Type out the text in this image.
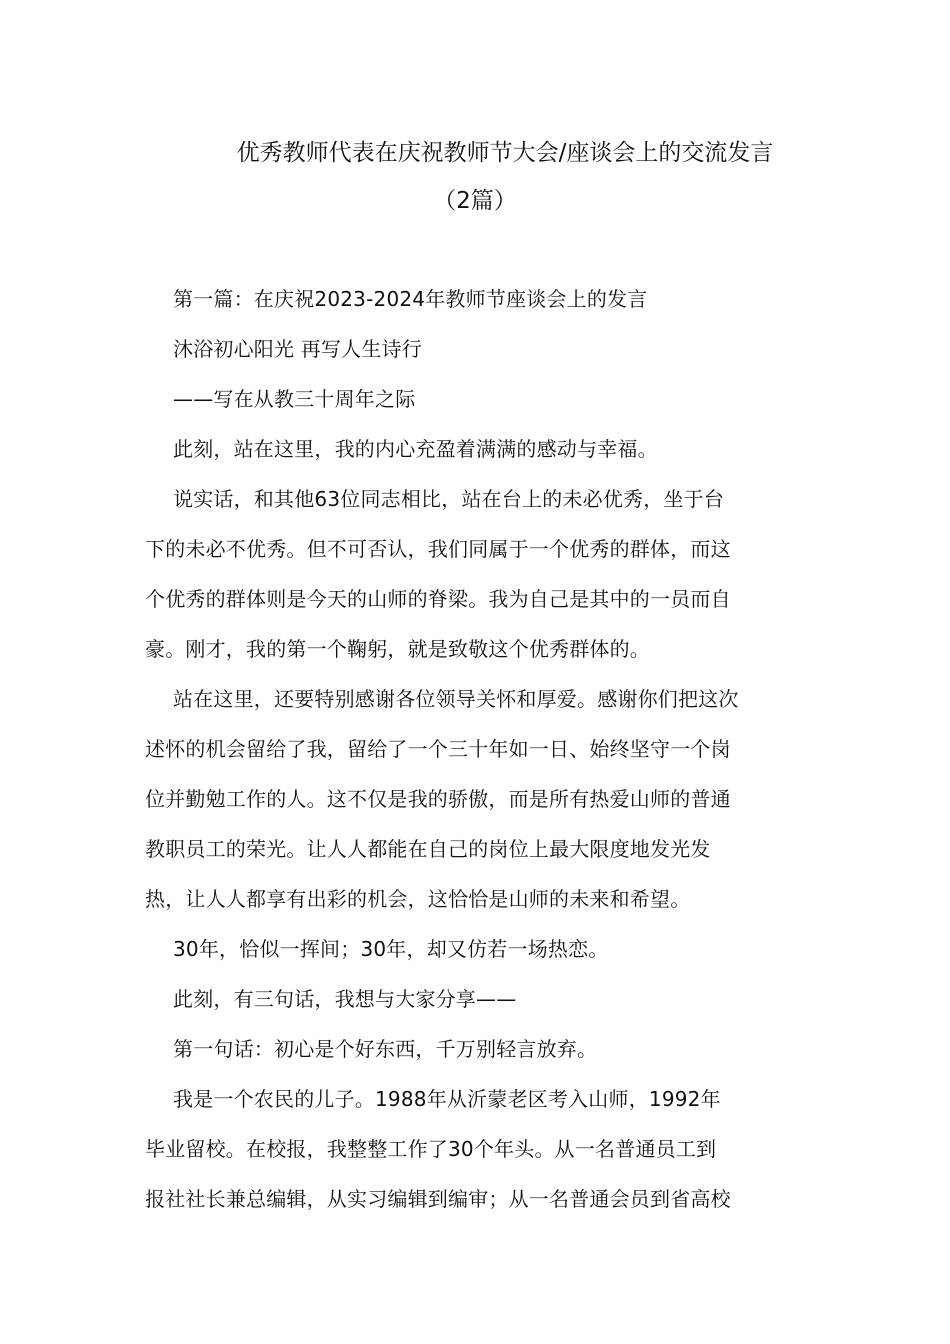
优秀教师代表在庆祝教师节大会/座谈会上的交流发言
（2篇）

第一篇：在庆祝2023-2024年教师节座谈会上的发言

沐浴初心阳光 再写人生诗行

——写在从教三十周年之际

此刻，站在这里，我的内心充盈着满满的感动与幸福。

说实话，和其他63位同志相比，站在台上的未必优秀，坐于台
下的未必不优秀。但不可否认，我们同属于一个优秀的群体，而这
个优秀的群体则是今天的山师的脊梁。我为自己是其中的一员而自
豪。刚才，我的第一个鞠躬，就是致敬这个优秀群体的。
站在这里，还要特别感谢各位领导关怀和厚爱。感谢你们把这次
述怀的机会留给了我，留给了一个三十年如一日、始终坚守一个岗
位并勤勉工作的人。这不仅是我的骄傲，而是所有热爱山师的普通
教职员工的荣光。让人人都能在自己的岗位上最大限度地发光发
热，让人人都享有出彩的机会，这恰恰是山师的未来和希望。

30年，恰似一挥间；30年，却又仿若一场热恋。

此刻，有三句话，我想与大家分享——

第一句话：初心是个好东西，千万别轻言放弃。

我是一个农民的儿子。1988年从沂蒙老区考入山师，1992年
毕业留校。在校报，我整整工作了30个年头。从一名普通员工到
报社社长兼总编辑，从实习编辑到编审；从一名普通会员到省高校
